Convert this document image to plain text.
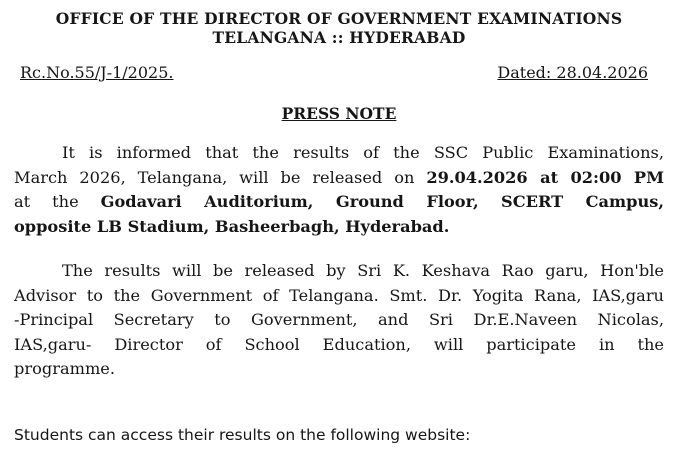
OFFICE OF THE DIRECTOR OF GOVERNMENT EXAMINATIONS
TELANGANA :: HYDERABAD
Rc.No.55/J-1/2025.	Dated: 28.04.2026
PRESS NOTE
It is informed that the results of the SSC Public Examinations,
March 2026, Telangana, will be released on 29.04.2026 at 02:00 PM
at the Godavari Auditorium, Ground Floor, SCERT Campus,
opposite LB Stadium, Basheerbagh, Hyderabad.
The results will be released by Sri K. Keshava Rao garu, Hon'ble
Advisor to the Government of Telangana. Smt. Dr. Yogita Rana, IAS,garu
-Principal Secretary to Government, and Sri Dr.E.Naveen Nicolas,
IAS,garu- Director of School Education, will participate in the
programme.
Students can access their results on the following website:
